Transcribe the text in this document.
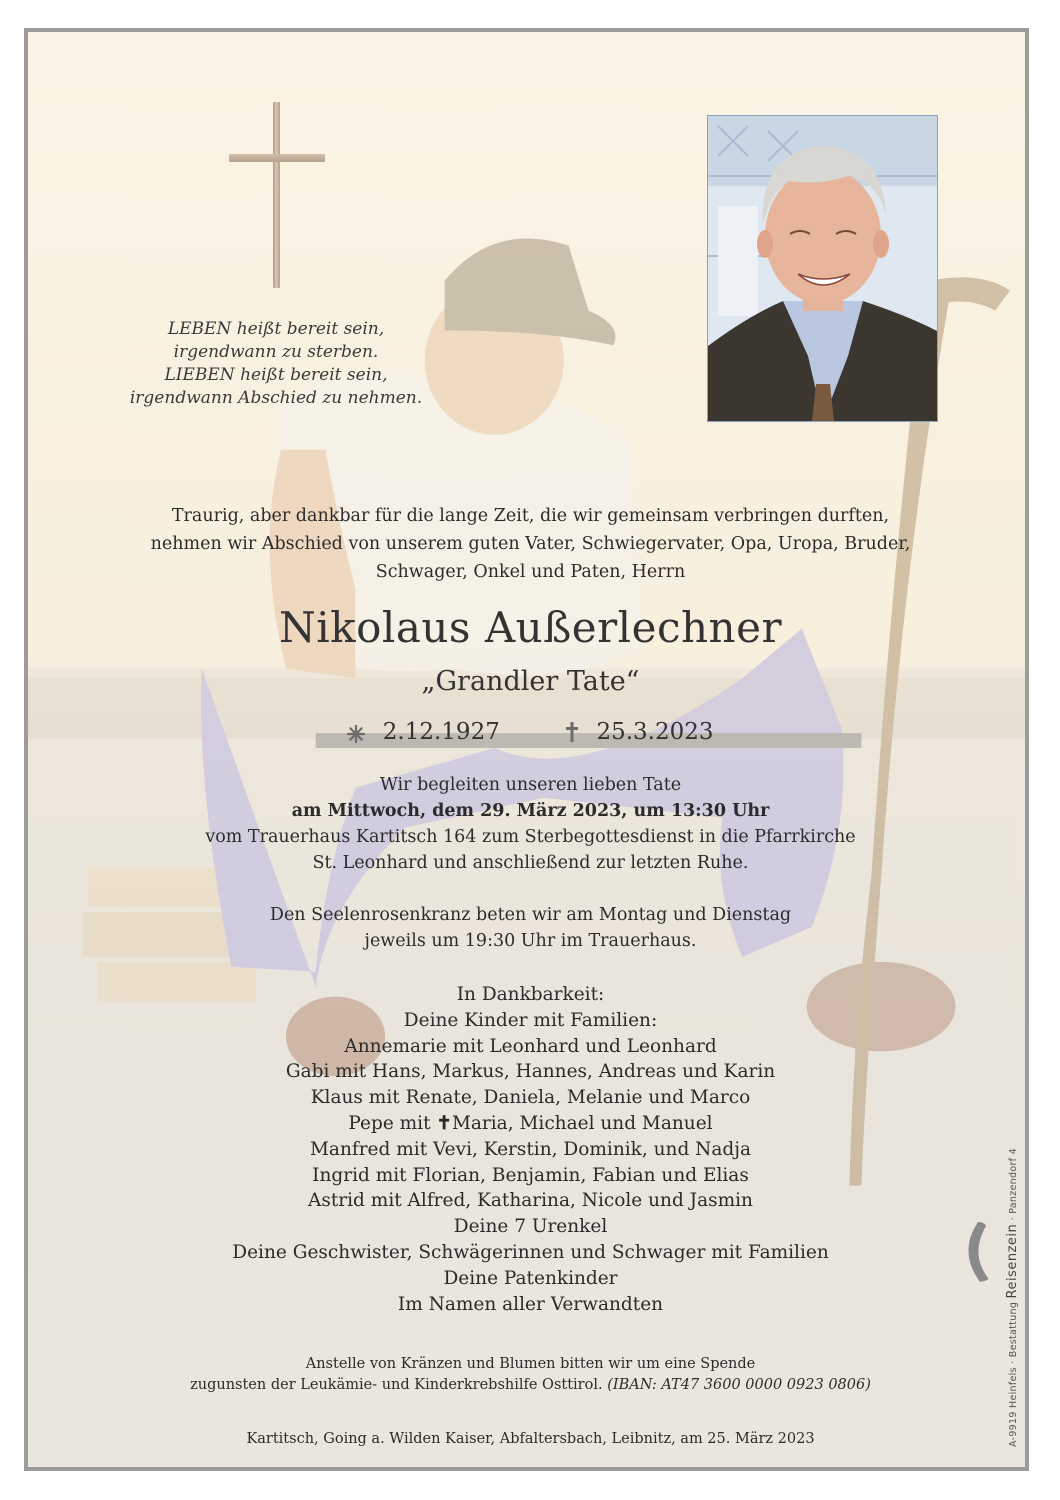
LEBEN heißt bereit sein,
irgendwann zu sterben.
LIEBEN heißt bereit sein,
irgendwann Abschied zu nehmen.
Traurig, aber dankbar für die lange Zeit, die wir gemeinsam verbringen durften,
nehmen wir Abschied von unserem guten Vater, Schwiegervater, Opa, Uropa, Bruder,
Schwager, Onkel und Paten, Herrn
Nikolaus Außerlechner
„Grandler Tate“
2.12.1927	25.3.2023
Wir begleiten unseren lieben Tate
am Mittwoch, dem 29. März 2023, um 13:30 Uhr
vom Trauerhaus Kartitsch 164 zum Sterbegottesdienst in die Pfarrkirche
St. Leonhard und anschließend zur letzten Ruhe.
Den Seelenrosenkranz beten wir am Montag und Dienstag
jeweils um 19:30 Uhr im Trauerhaus.
In Dankbarkeit:
Deine Kinder mit Familien:
Annemarie mit Leonhard und Leonhard
Gabi mit Hans, Markus, Hannes, Andreas und Karin
Klaus mit Renate, Daniela, Melanie und Marco
Pepe mit ✝Maria, Michael und Manuel
Manfred mit Vevi, Kerstin, Dominik, und Nadja
Ingrid mit Florian, Benjamin, Fabian und Elias
Astrid mit Alfred, Katharina, Nicole und Jasmin
Deine 7 Urenkel
Deine Geschwister, Schwägerinnen und Schwager mit Familien
Deine Patenkinder
Im Namen aller Verwandten
Anstelle von Kränzen und Blumen bitten wir um eine Spende
zugunsten der Leukämie- und Kinderkrebshilfe Osttirol. (IBAN: AT47 3600 0000 0923 0806)
Kartitsch, Going a. Wilden Kaiser, Abfaltersbach, Leibnitz, am 25. März 2023	A-9919 Heinfels · Bestattung Reisenzein · Panzendorf 4
